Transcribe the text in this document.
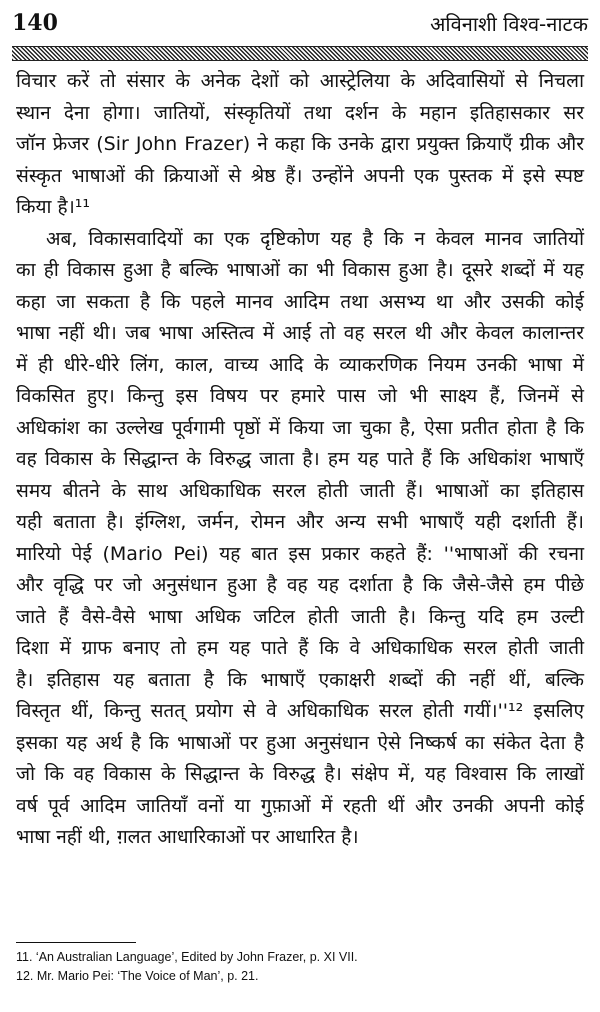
140	अविनाशी विश्व-नाटक

विचार करें तो संसार के अनेक देशों को आस्ट्रेलिया के अदिवासियों से निचला
स्थान देना होगा। जातियों, संस्कृतियों तथा दर्शन के महान इतिहासकार सर
जॉन फ्रेजर (Sir John Frazer) ने कहा कि उनके द्वारा प्रयुक्त क्रियाएँ ग्रीक और
संस्कृत भाषाओं की क्रियाओं से श्रेष्ठ हैं। उन्होंने अपनी एक पुस्तक में इसे स्पष्ट
किया है।¹¹

अब, विकासवादियों का एक दृष्टिकोण यह है कि न केवल मानव जातियों
का ही विकास हुआ है बल्कि भाषाओं का भी विकास हुआ है। दूसरे शब्दों में यह
कहा जा सकता है कि पहले मानव आदिम तथा असभ्य था और उसकी कोई
भाषा नहीं थी। जब भाषा अस्तित्व में आई तो वह सरल थी और केवल कालान्तर
में ही धीरे-धीरे लिंग, काल, वाच्य आदि के व्याकरणिक नियम उनकी भाषा में
विकसित हुए। किन्तु इस विषय पर हमारे पास जो भी साक्ष्य हैं, जिनमें से
अधिकांश का उल्लेख पूर्वगामी पृष्ठों में किया जा चुका है, ऐसा प्रतीत होता है कि
वह विकास के सिद्धान्त के विरुद्ध जाता है। हम यह पाते हैं कि अधिकांश भाषाएँ
समय बीतने के साथ अधिकाधिक सरल होती जाती हैं। भाषाओं का इतिहास
यही बताता है। इंग्लिश, जर्मन, रोमन और अन्य सभी भाषाएँ यही दर्शाती हैं।
मारियो पेई (Mario Pei) यह बात इस प्रकार कहते हैं: ''भाषाओं की रचना
और वृद्धि पर जो अनुसंधान हुआ है वह यह दर्शाता है कि जैसे-जैसे हम पीछे
जाते हैं वैसे-वैसे भाषा अधिक जटिल होती जाती है। किन्तु यदि हम उल्टी
दिशा में ग्राफ बनाए तो हम यह पाते हैं कि वे अधिकाधिक सरल होती जाती
है। इतिहास यह बताता है कि भाषाएँ एकाक्षरी शब्दों की नहीं थीं, बल्कि
विस्तृत थीं, किन्तु सतत् प्रयोग से वे अधिकाधिक सरल होती गयीं।''¹² इसलिए
इसका यह अर्थ है कि भाषाओं पर हुआ अनुसंधान ऐसे निष्कर्ष का संकेत देता है
जो कि वह विकास के सिद्धान्त के विरुद्ध है। संक्षेप में, यह विश्वास कि लाखों
वर्ष पूर्व आदिम जातियाँ वनों या गुफ़ाओं में रहती थीं और उनकी अपनी कोई
भाषा नहीं थी, ग़लत आधारिकाओं पर आधारित है।

11. ‘An Australian Language’, Edited by John Frazer, p. XI VII.
12. Mr. Mario Pei: ‘The Voice of Man’, p. 21.
